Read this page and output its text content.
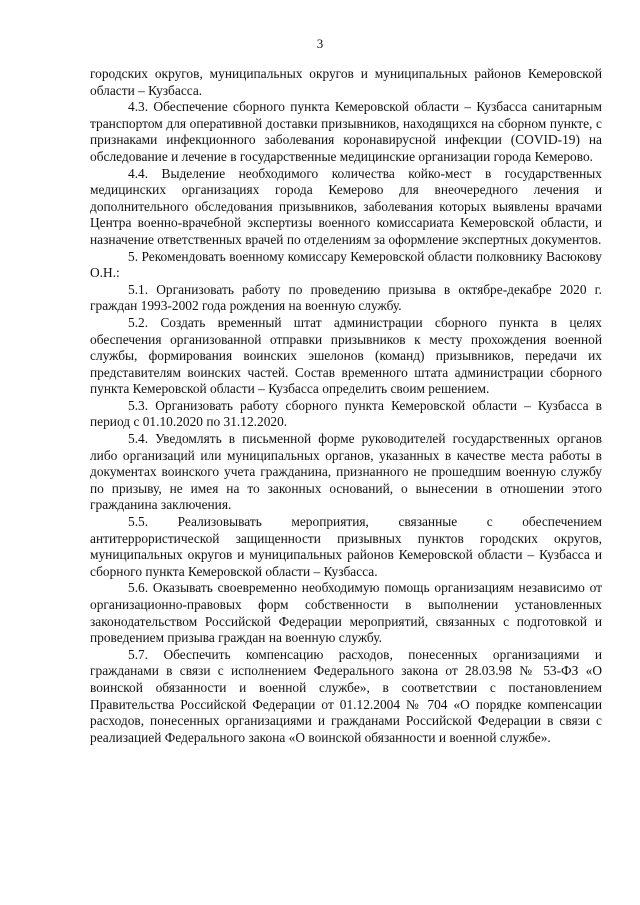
3

городских округов, муниципальных округов и муниципальных районов Кемеровской области – Кузбасса.

4.3. Обеспечение сборного пункта Кемеровской области – Кузбасса санитарным транспортом для оперативной доставки призывников, находящихся на сборном пункте, с признаками инфекционного заболевания коронавирусной инфекции (COVID-19) на обследование и лечение в государственные медицинские организации города Кемерово.

4.4. Выделение необходимого количества койко-мест в государственных медицинских организациях города Кемерово для внеочередного лечения и дополнительного обследования призывников, заболевания которых выявлены врачами Центра военно-врачебной экспертизы военного комиссариата Кемеровской области, и назначение ответственных врачей по отделениям за оформление экспертных документов.

5. Рекомендовать военному комиссару Кемеровской области полковнику Васюкову О.Н.:

5.1. Организовать работу по проведению призыва в октябре-декабре 2020 г. граждан 1993-2002 года рождения на военную службу.

5.2. Создать временный штат администрации сборного пункта в целях обеспечения организованной отправки призывников к месту прохождения военной службы, формирования воинских эшелонов (команд) призывников, передачи их представителям воинских частей. Состав временного штата администрации сборного пункта Кемеровской области – Кузбасса определить своим решением.

5.3. Организовать работу сборного пункта Кемеровской области – Кузбасса в период с 01.10.2020 по 31.12.2020.

5.4. Уведомлять в письменной форме руководителей государственных органов либо организаций или муниципальных органов, указанных в качестве места работы в документах воинского учета гражданина, признанного не прошедшим военную службу по призыву, не имея на то законных оснований, о вынесении в отношении этого гражданина заключения.

5.5. Реализовывать мероприятия, связанные с обеспечением антитеррористической защищенности призывных пунктов городских округов, муниципальных округов и муниципальных районов Кемеровской области – Кузбасса и сборного пункта Кемеровской области – Кузбасса.

5.6. Оказывать своевременно необходимую помощь организациям независимо от организационно-правовых форм собственности в выполнении установленных законодательством Российской Федерации мероприятий, связанных с подготовкой и проведением призыва граждан на военную службу.

5.7. Обеспечить компенсацию расходов, понесенных организациями и гражданами в связи с исполнением Федерального закона от 28.03.98 № 53-ФЗ «О воинской обязанности и военной службе», в соответствии с постановлением Правительства Российской Федерации от 01.12.2004 № 704 «О порядке компенсации расходов, понесенных организациями и гражданами Российской Федерации в связи с реализацией Федерального закона «О воинской обязанности и военной службе».
